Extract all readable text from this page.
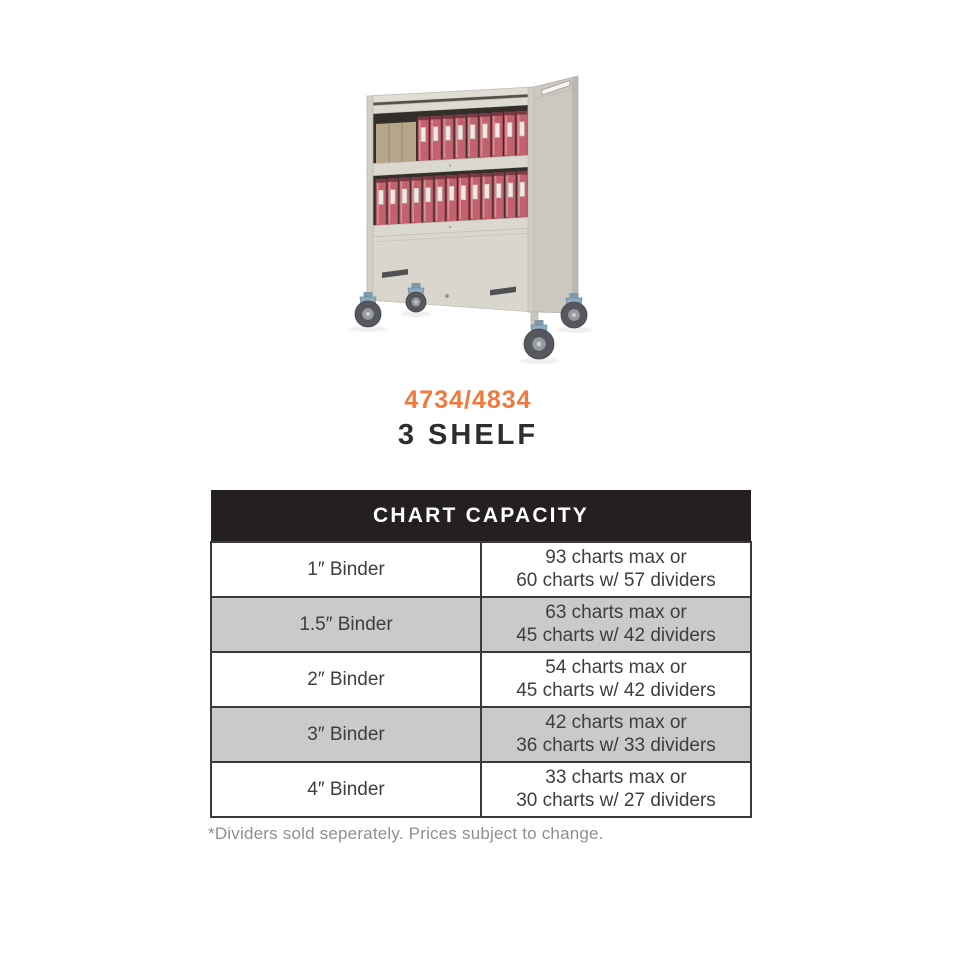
4734/4834
3 SHELF
CHART CAPACITY	
1″ Binder	93 charts max or
60 charts w/ 57 dividers

1.5″ Binder	63 charts max or
45 charts w/ 42 dividers

2″ Binder	54 charts max or
45 charts w/ 42 dividers

3″ Binder	42 charts max or
36 charts w/ 33 dividers

4″ Binder	33 charts max or
30 charts w/ 27 dividers

*Dividers sold seperately. Prices subject to change.
